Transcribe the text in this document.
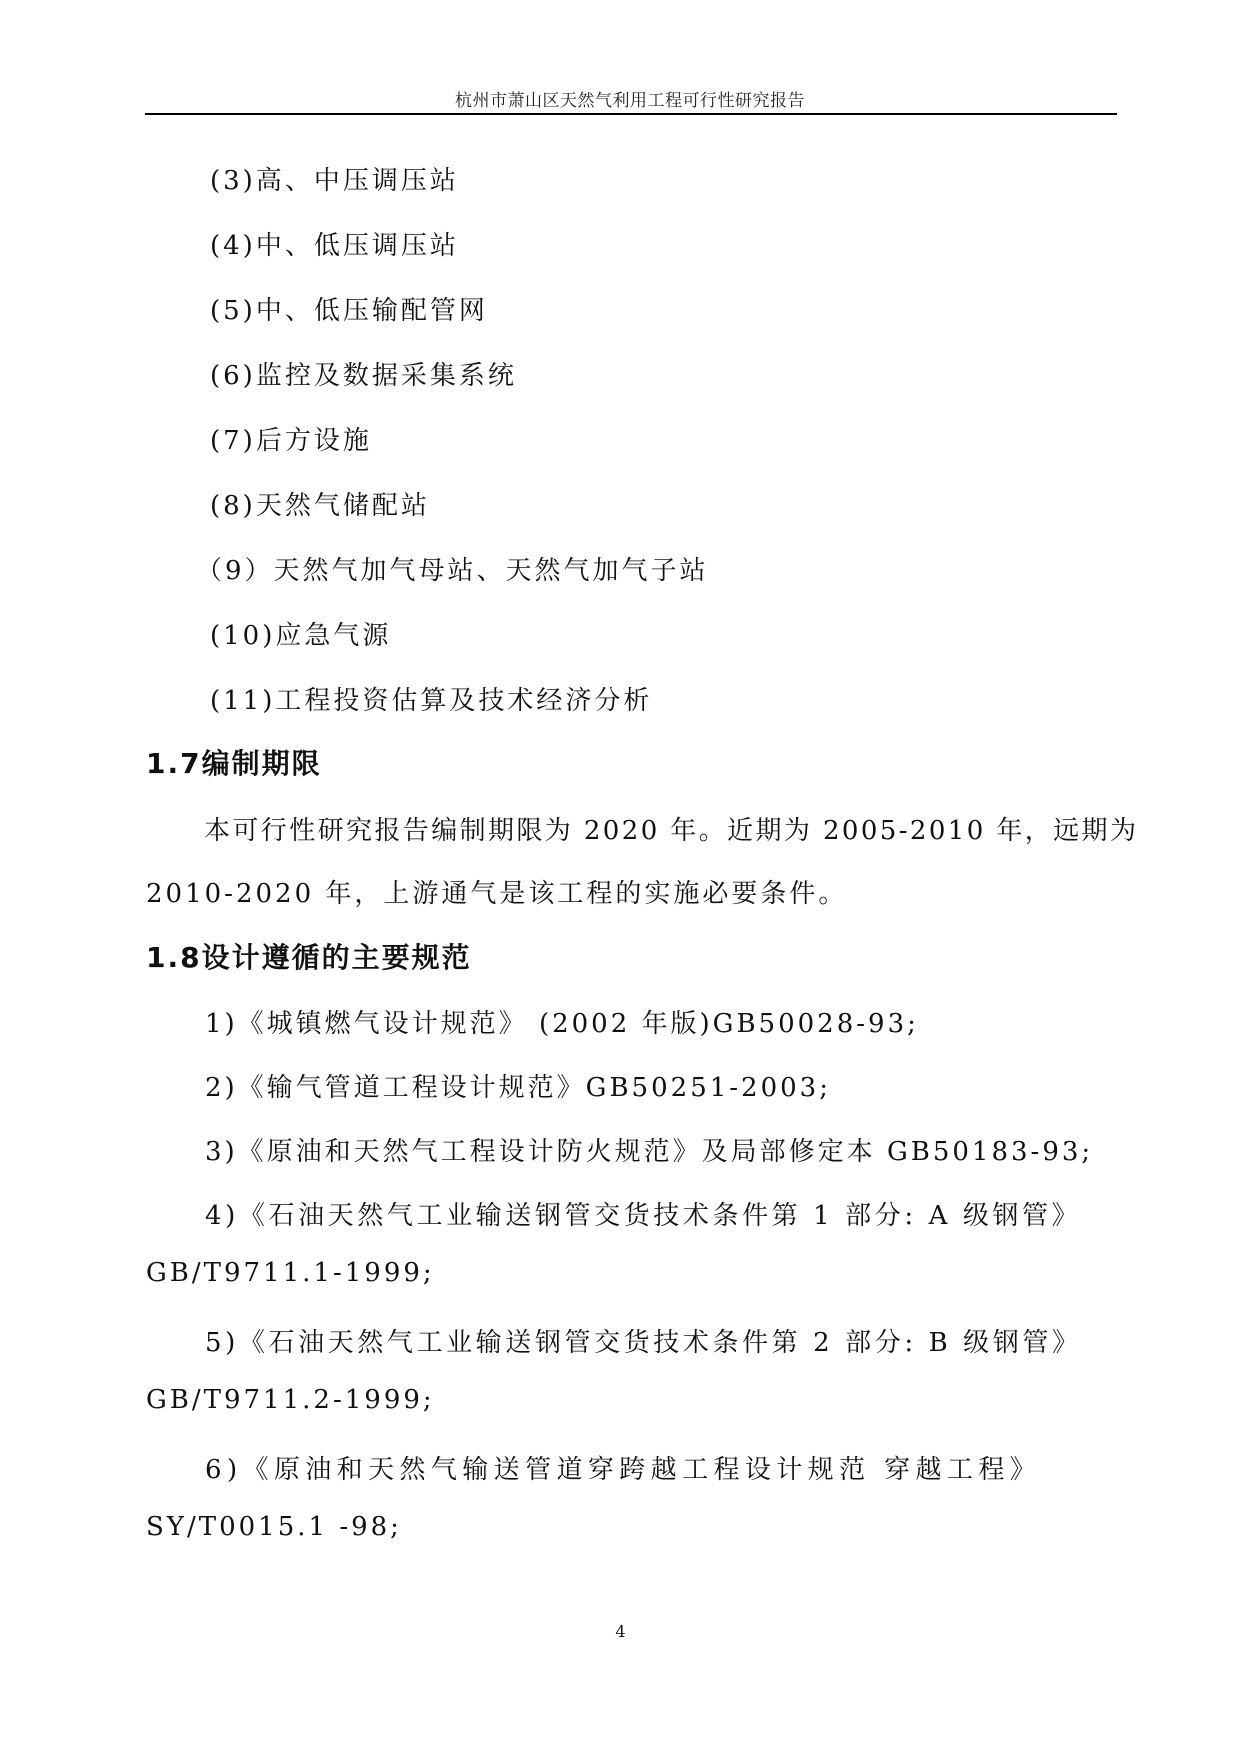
杭州市萧山区天然气利用工程可行性研究报告
(3)高、中压调压站
(4)中、低压调压站
(5)中、低压输配管网
(6)监控及数据采集系统
(7)后方设施
(8)天然气储配站
（9）天然气加气母站、天然气加气子站
(10)应急气源
(11)工程投资估算及技术经济分析
1.7编制期限
本可行性研究报告编制期限为 2020 年。近期为 2005-2010 年，远期为
2010-2020 年，上游通气是该工程的实施必要条件。
1.8设计遵循的主要规范
1)《城镇燃气设计规范》 (2002 年版)GB50028-93;
2)《输气管道工程设计规范》GB50251-2003;
3)《原油和天然气工程设计防火规范》及局部修定本 GB50183-93;
4)《石油天然气工业输送钢管交货技术条件第 1 部分: A 级钢管》
GB/T9711.1-1999;
5)《石油天然气工业输送钢管交货技术条件第 2 部分: B 级钢管》
GB/T9711.2-1999;
6)《原油和天然气输送管道穿跨越工程设计规范 穿越工程》
SY/T0015.1 -98;
4
